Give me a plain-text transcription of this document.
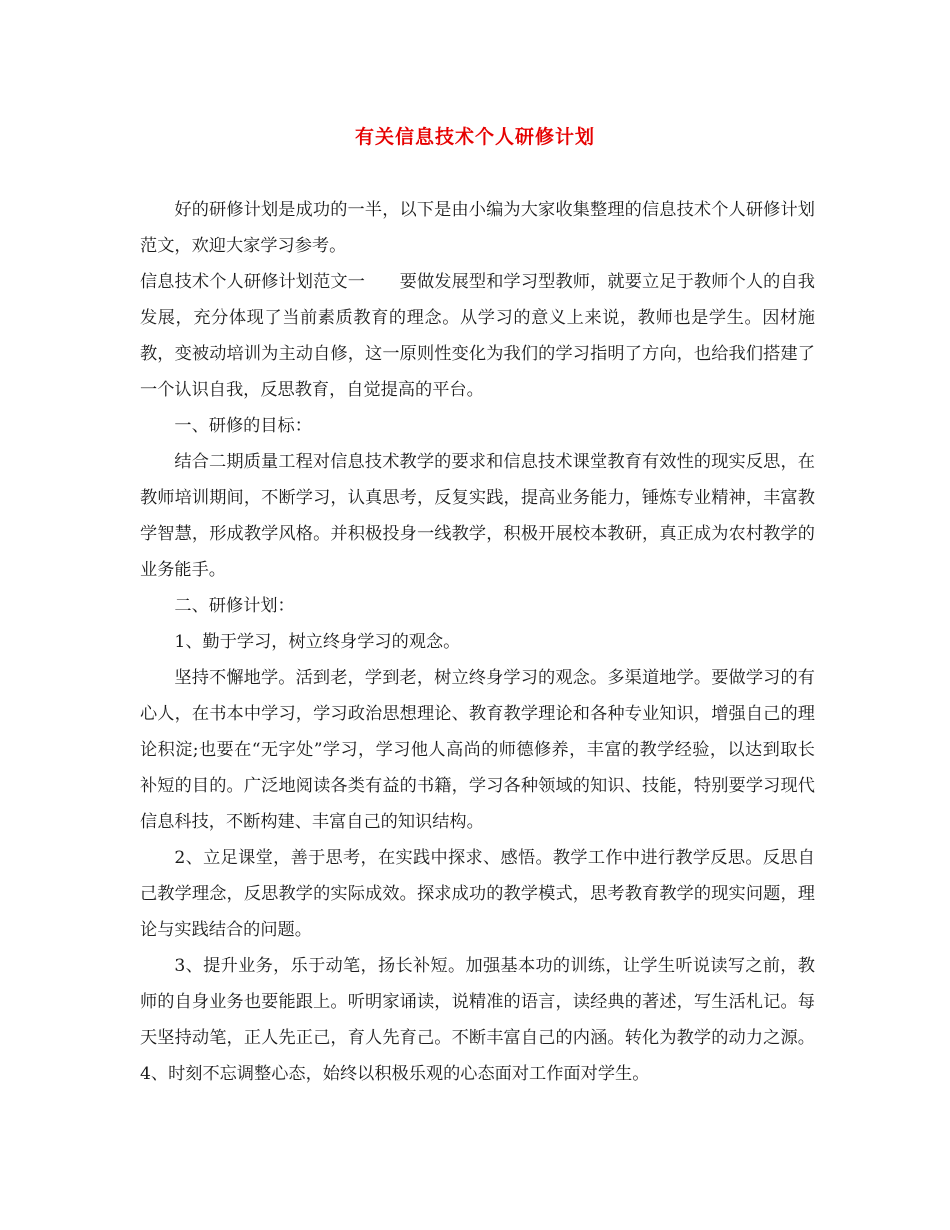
有关信息技术个人研修计划

好的研修计划是成功的一半，以下是由小编为大家收集整理的信息技术个人研修计划范文，欢迎大家学习参考。

信息技术个人研修计划范文一　　要做发展型和学习型教师，就要立足于教师个人的自我发展，充分体现了当前素质教育的理念。从学习的意义上来说，教师也是学生。因材施教，变被动培训为主动自修，这一原则性变化为我们的学习指明了方向，也给我们搭建了一个认识自我，反思教育，自觉提高的平台。

一、研修的目标：

结合二期质量工程对信息技术教学的要求和信息技术课堂教育有效性的现实反思，在教师培训期间，不断学习，认真思考，反复实践，提高业务能力，锤炼专业精神，丰富教学智慧，形成教学风格。并积极投身一线教学，积极开展校本教研，真正成为农村教学的业务能手。

二、研修计划：

1、勤于学习，树立终身学习的观念。

坚持不懈地学。活到老，学到老，树立终身学习的观念。多渠道地学。要做学习的有心人，在书本中学习，学习政治思想理论、教育教学理论和各种专业知识，增强自己的理论积淀;也要在“无字处”学习，学习他人高尚的师德修养，丰富的教学经验，以达到取长补短的目的。广泛地阅读各类有益的书籍，学习各种领域的知识、技能，特别要学习现代信息科技，不断构建、丰富自己的知识结构。

2、立足课堂，善于思考，在实践中探求、感悟。教学工作中进行教学反思。反思自己教学理念，反思教学的实际成效。探求成功的教学模式，思考教育教学的现实问题，理论与实践结合的问题。

3、提升业务，乐于动笔，扬长补短。加强基本功的训练，让学生听说读写之前，教师的自身业务也要能跟上。听明家诵读，说精准的语言，读经典的著述，写生活札记。每天坚持动笔，正人先正己，育人先育己。不断丰富自己的内涵。转化为教学的动力之源。4、时刻不忘调整心态，始终以积极乐观的心态面对工作面对学生。
